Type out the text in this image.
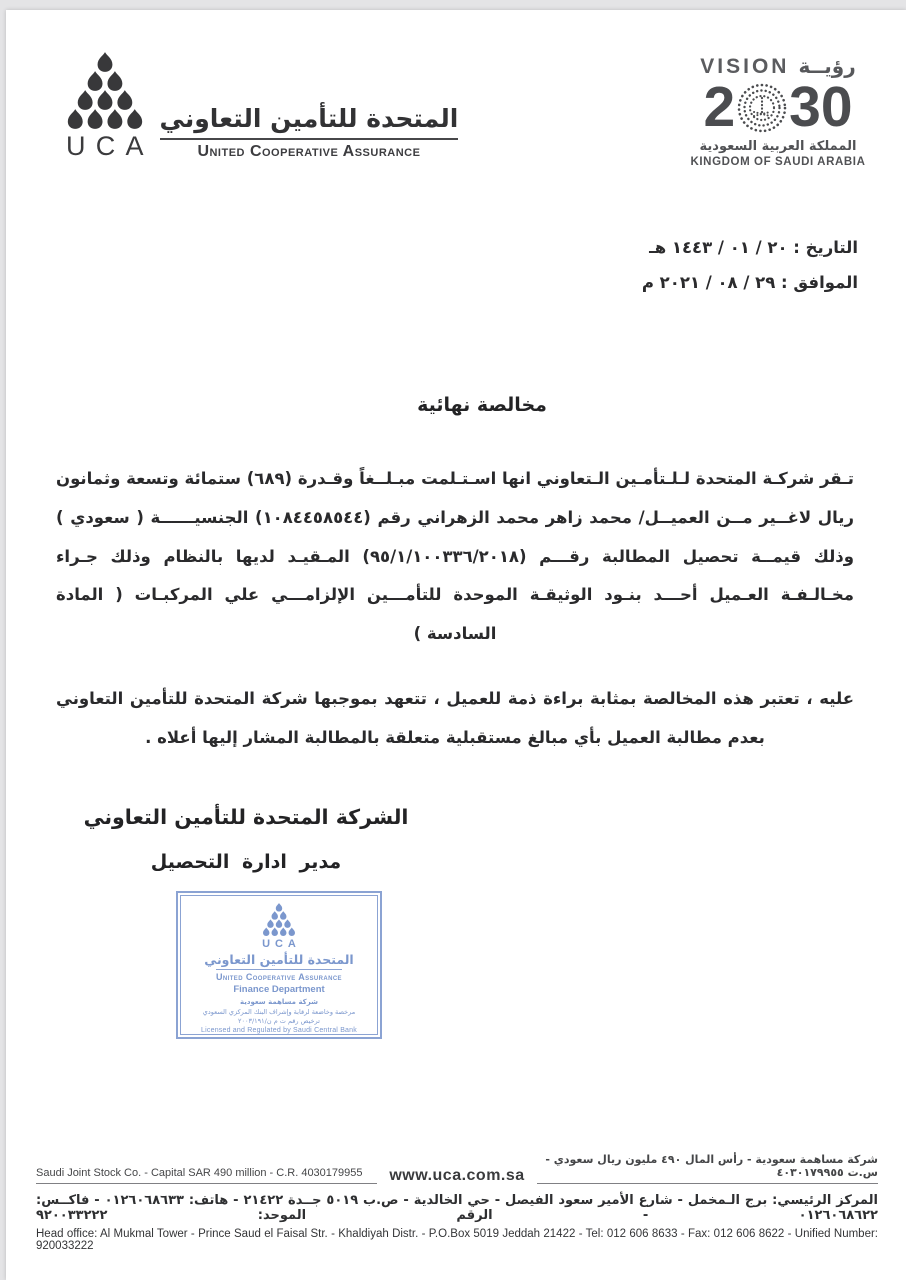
UCA
المتحدة للتأمين التعاوني
United Cooperative Assurance
VISION رؤيــة
2 30
المملكة العربية السعودية
KINGDOM OF SAUDI ARABIA
التاريخ : ٢٠ / ٠١ / ١٤٤٣ هـ
الموافق : ٢٩ / ٠٨ / ٢٠٢١ م
مخالصة نهائية

تـقر شركـة المتحدة لـلـتأمـين الـتعاوني انها اسـتـلمت مبـلــغاً وقـدرة (٦٨٩) ستمائة وتسعة وثمانون ريال لاغــير مــن العميــل/ محمد زاهر محمد الزهراني رقم (١٠٨٤٤٥٨٥٤٤) الجنسيــــــة ( سعودي ) وذلك قيمــة تحصيل المطالبة رقـــم (٩٥/١/١٠٠٣٣٦/٢٠١٨) المـقيـد لديها بالنظام وذلك جـراء مخـالـفـة العـميل أحـــد بنـود الوثيقـة الموحدة للتأمـــين الإلزامـــي علي المركبـات ( المادة السادسة )

عليه ، تعتبر هذه المخالصة بمثابة براءة ذمة للعميل ، تتعهد بموجبها شركة المتحدة للتأمين التعاوني بعدم مطالبة العميل بأي مبالغ مستقبلية متعلقة بالمطالبة المشار إليها أعلاه .

الشركة المتحدة للتأمين التعاوني
مدير ادارة التحصيل
UCA
المتحدة للتأمين التعاوني
United Cooperative Assurance
Finance Department
شركة مساهمة سعودية
مرخصة وخاضعة لرقابة وإشراف البنك المركزي السعودي
ترخيص رقم ت م ن/٢٠٠٣/١٩١
Licensed and Regulated by Saudi Central Bank
Saudi Joint Stock Co. - Capital SAR 490 million - C.R. 4030179955	www.uca.com.sa
شركة مساهمة سعودية - رأس المال ٤٩٠ مليون ريال سعودي - س.ت ٤٠٣٠١٧٩٩٥٥
المركز الرئيسي: برج الـمخمل - شارع الأمير سعود الفيصل - حي الخالدية - ص.ب ٥٠١٩ جــدة ٢١٤٢٢ - هاتف: ٠١٢٦٠٦٨٦٣٣ - فاكــس: ٠١٢٦٠٦٨٦٢٢ - الرقم الموحد: ٩٢٠٠٣٣٢٢٢
Head office: Al Mukmal Tower - Prince Saud el Faisal Str. - Khaldiyah Distr. - P.O.Box 5019 Jeddah 21422 - Tel: 012 606 8633 - Fax: 012 606 8622 - Unified Number: 920033222
